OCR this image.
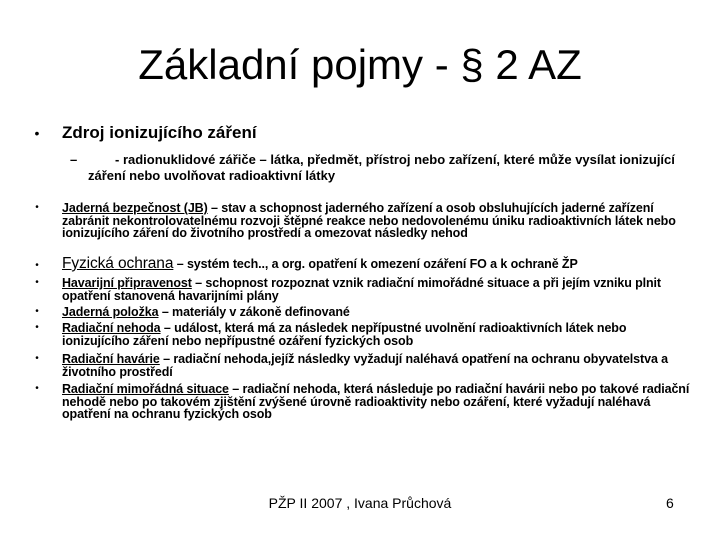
Základní pojmy - § 2 AZ
• Zdroj ionizujícího záření
–	- radionuklidové zářiče – látka, předmět, přístroj nebo zařízení, které může vysílat ionizující záření nebo uvolňovat radioaktivní látky
•	Jaderná bezpečnost (JB) – stav a schopnost jaderného zařízení a osob obsluhujících jaderné zařízení zabránit nekontrolovatelnému rozvoji štěpné reakce nebo nedovolenému úniku radioaktivních látek nebo ionizujícího záření do životního prostředí a omezovat následky nehod
•	Fyzická ochrana – systém tech.., a org. opatření k omezení ozáření FO a k ochraně ŽP
•	Havarijní připravenost – schopnost rozpoznat vznik radiační mimořádné situace a při jejím vzniku plnit opatření stanovená havarijními plány
•	Jaderná položka – materiály v zákoně definované
•	Radiační nehoda – událost, která má za následek nepřípustné uvolnění radioaktivních látek nebo ionizujícího záření nebo nepřípustné ozáření fyzických osob
•	Radiační havárie – radiační nehoda,jejíž následky vyžadují naléhavá opatření na ochranu obyvatelstva a životního prostředí
•	Radiační mimořádná situace – radiační nehoda, která následuje po radiační havárii nebo po takové radiační nehodě nebo po takovém zjištění zvýšené úrovně radioaktivity nebo ozáření, které vyžadují naléhavá opatření na ochranu fyzických osob
PŽP II 2007 , Ivana Průchová	6
